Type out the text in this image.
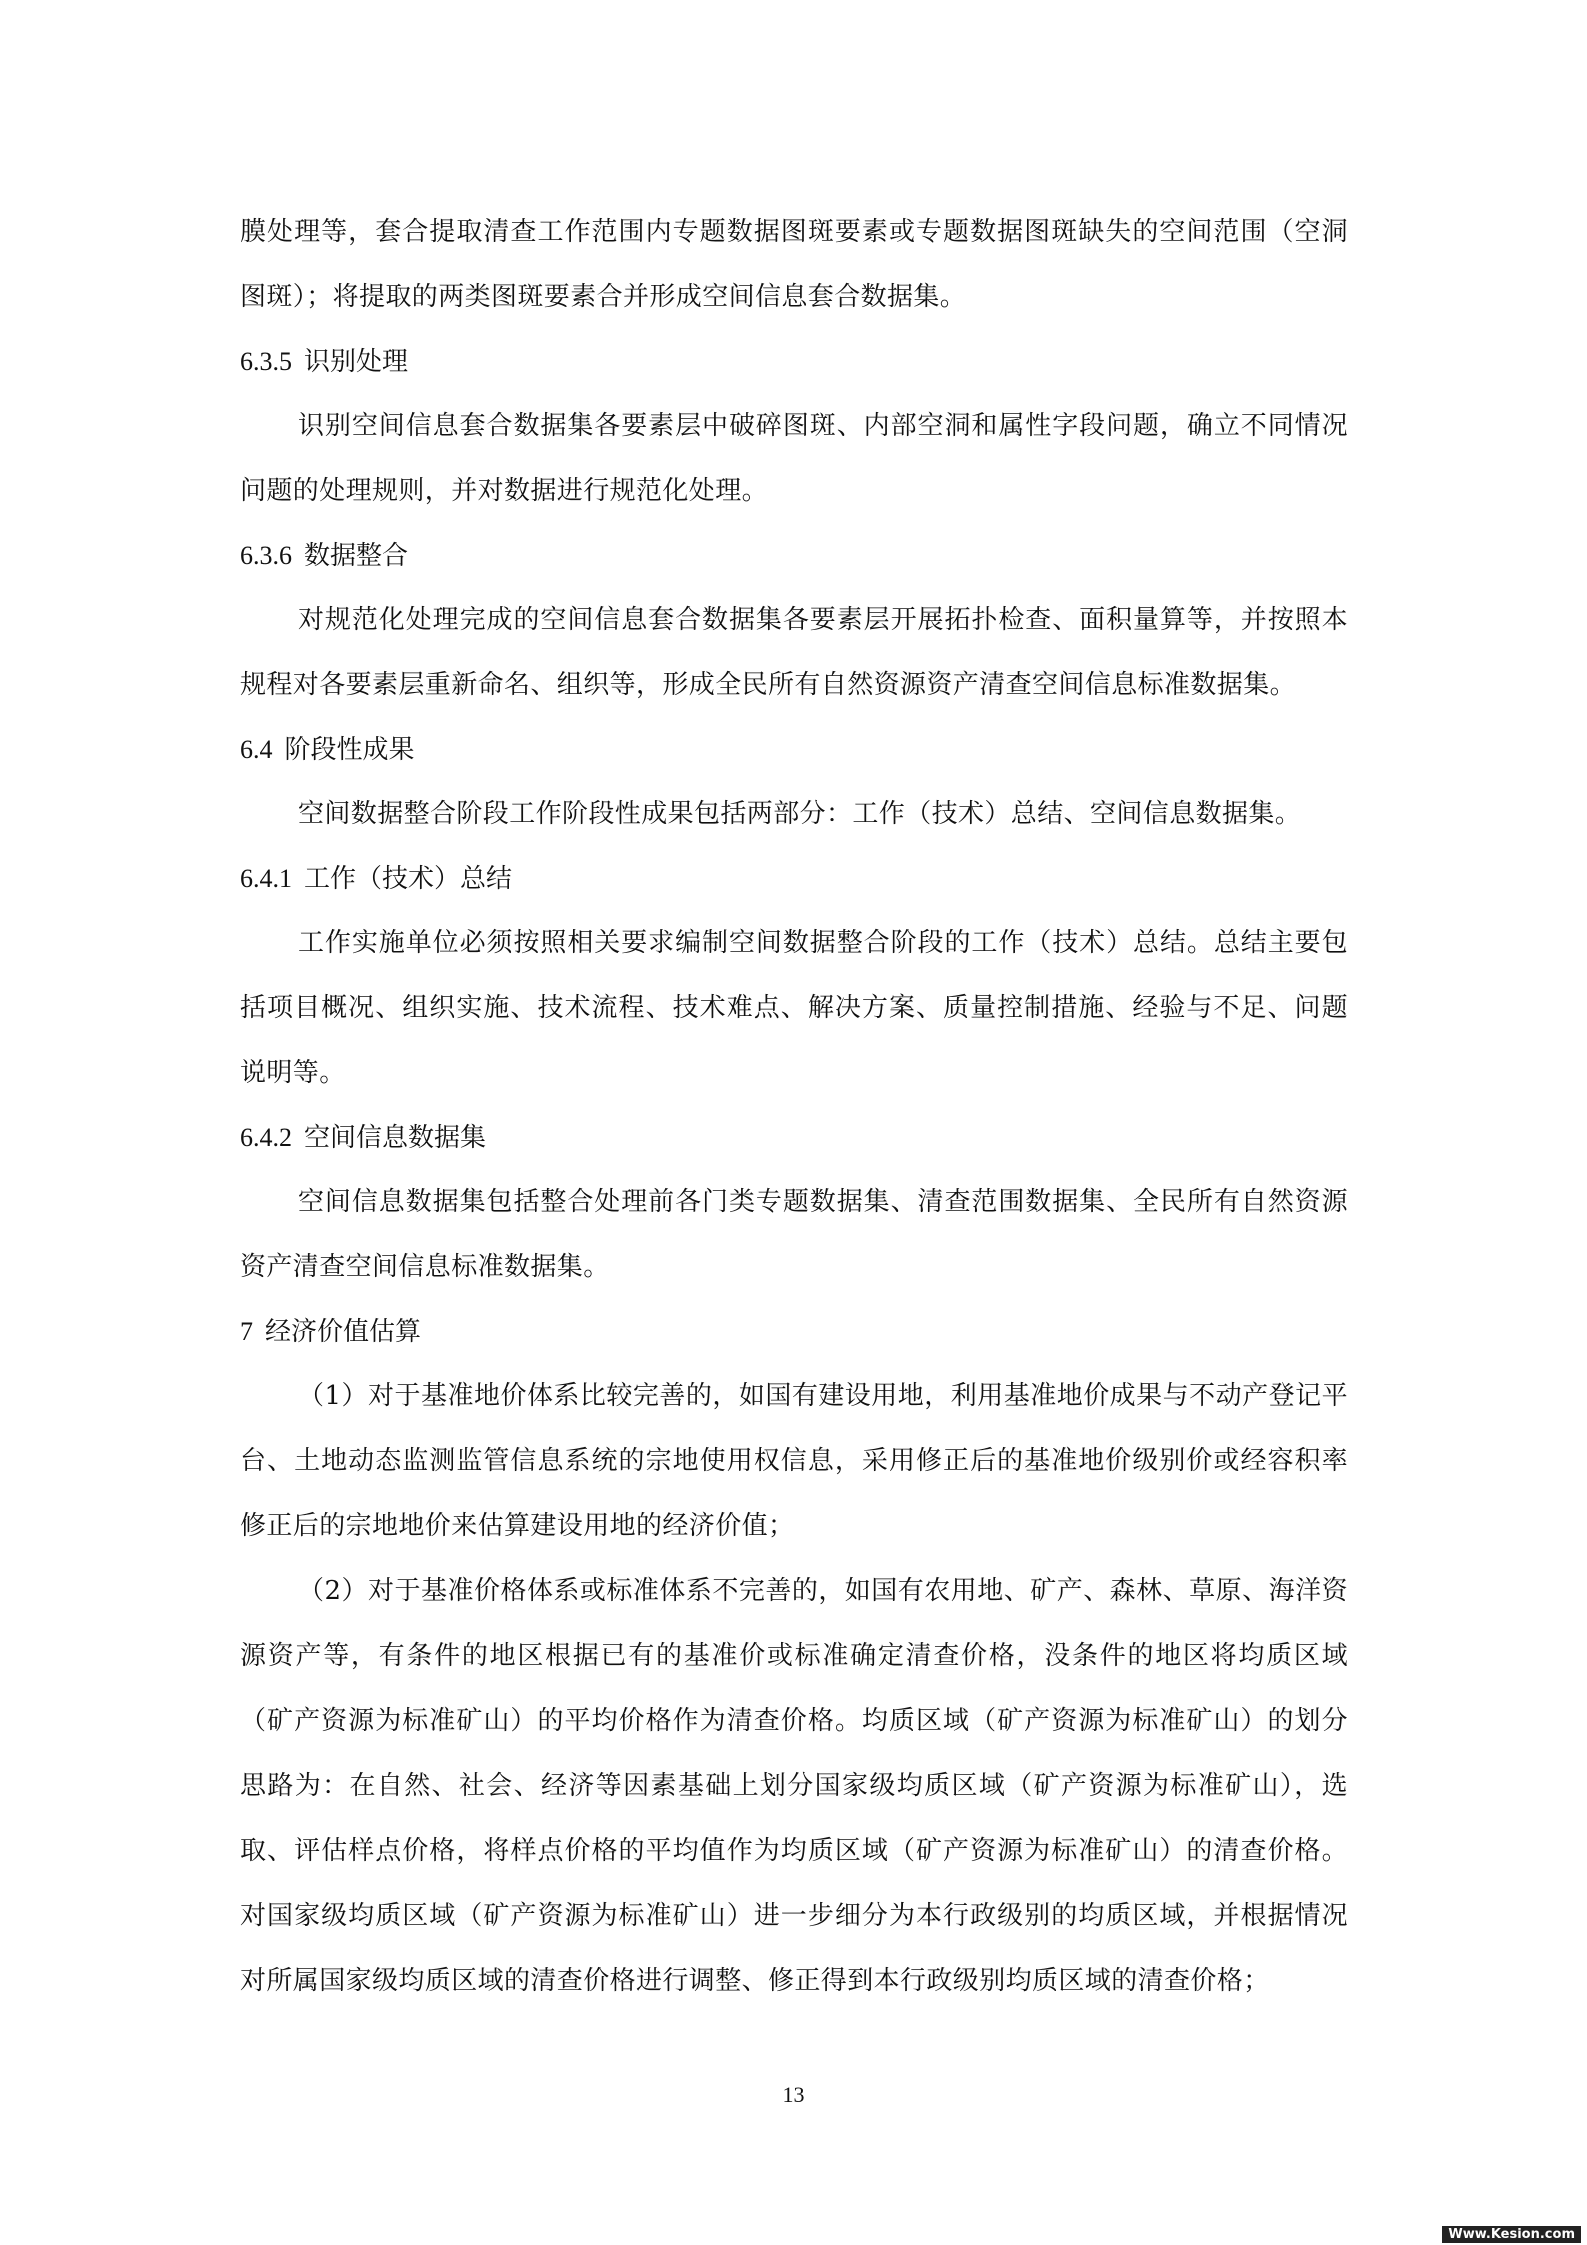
膜处理等，套合提取清查工作范围内专题数据图斑要素或专题数据图斑缺失的空间范围（空洞图斑）；将提取的两类图斑要素合并形成空间信息套合数据集。

6.3.5 识别处理

识别空间信息套合数据集各要素层中破碎图斑、内部空洞和属性字段问题，确立不同情况问题的处理规则，并对数据进行规范化处理。

6.3.6 数据整合

对规范化处理完成的空间信息套合数据集各要素层开展拓扑检查、面积量算等，并按照本规程对各要素层重新命名、组织等，形成全民所有自然资源资产清查空间信息标准数据集。

6.4 阶段性成果

空间数据整合阶段工作阶段性成果包括两部分：工作（技术）总结、空间信息数据集。

6.4.1 工作（技术）总结

工作实施单位必须按照相关要求编制空间数据整合阶段的工作（技术）总结。总结主要包括项目概况、组织实施、技术流程、技术难点、解决方案、质量控制措施、经验与不足、问题说明等。

6.4.2 空间信息数据集

空间信息数据集包括整合处理前各门类专题数据集、清查范围数据集、全民所有自然资源资产清查空间信息标准数据集。

7 经济价值估算

（1）对于基准地价体系比较完善的，如国有建设用地，利用基准地价成果与不动产登记平台、土地动态监测监管信息系统的宗地使用权信息，采用修正后的基准地价级别价或经容积率修正后的宗地地价来估算建设用地的经济价值；

（2）对于基准价格体系或标准体系不完善的，如国有农用地、矿产、森林、草原、海洋资源资产等，有条件的地区根据已有的基准价或标准确定清查价格，没条件的地区将均质区域（矿产资源为标准矿山）的平均价格作为清查价格。均质区域（矿产资源为标准矿山）的划分思路为：在自然、社会、经济等因素基础上划分国家级均质区域（矿产资源为标准矿山），选取、评估样点价格，将样点价格的平均值作为均质区域（矿产资源为标准矿山）的清查价格。对国家级均质区域（矿产资源为标准矿山）进一步细分为本行政级别的均质区域，并根据情况对所属国家级均质区域的清查价格进行调整、修正得到本行政级别均质区域的清查价格；

13
Www.Kesion.com
